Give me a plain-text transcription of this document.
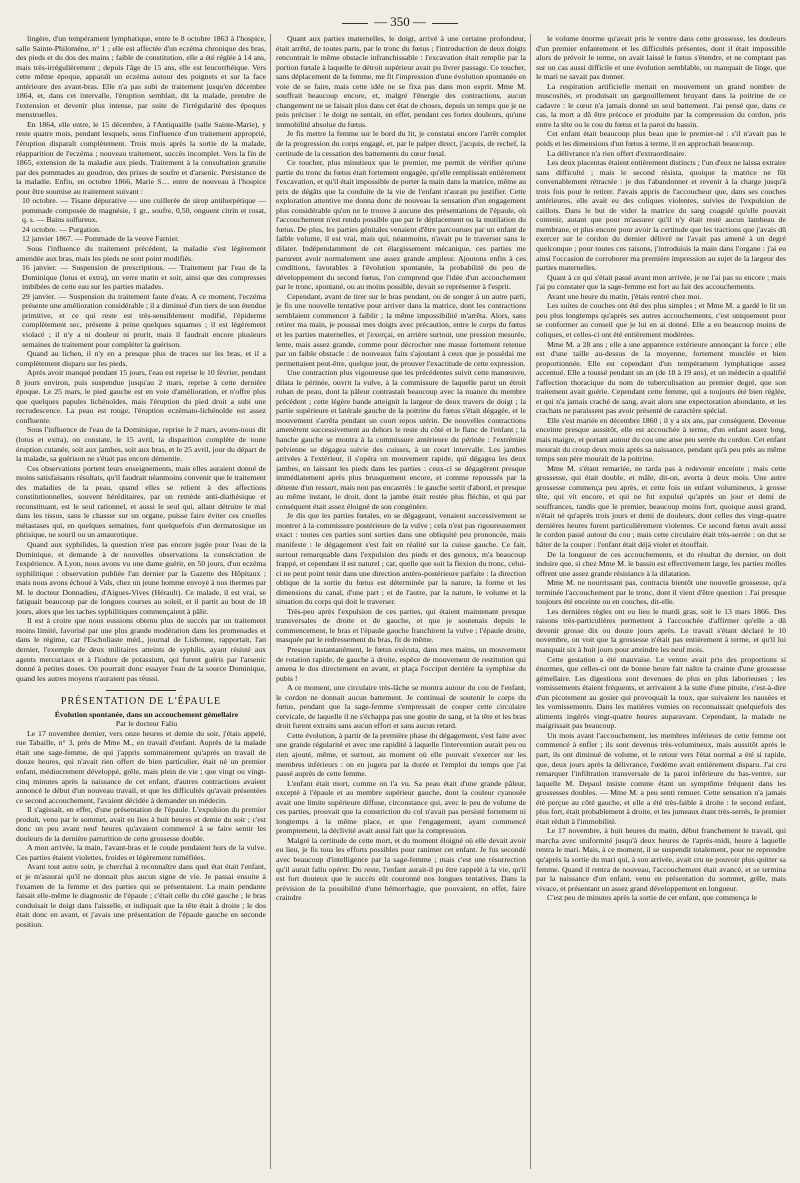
— 350 —

lingère, d'un tempérament lymphatique, entre le 8 octobre 1863 à l'hospice, salle Sainte-Philomène, n° 1 ; elle est affectée d'un eczéma chronique des bras, des pieds et du dos des mains ; faible de constitution, elle a été réglée à 14 ans, mais très-irrégulièrement ; depuis l'âge de 15 ans, elle est leucorrhéique. Vers cette même époque, apparaît un eczéma autour des poignets et sur la face antérieure des avant-bras. Elle n'a pas subi de traitement jusqu'en décembre 1864, et, dans cet intervalle, l'éruption semblait, dit la malade, prendre de l'extension et devenir plus intense, par suite de l'irrégularité des époques menstruelles.

En 1864, elle entre, le 15 décembre, à l'Antiquaille (salle Sainte-Marie), y reste quatre mois, pendant lesquels, sous l'influence d'un traitement approprié, l'éruption disparaît complètement. Trois mois après la sortie de la malade, réapparition de l'eczéma ; nouveau traitement, succès incomplet. Vers la fin de 1865, extension de la maladie aux pieds. Traitement à la consultation gratuite par des pommades au goudron, des prises de soufre et d'arsenic. Persistance de la maladie. Enfin, en octobre 1866, Marie S… entre de nouveau à l'hospice pour être soumise au traitement suivant :

10 octobre. — Tisane dépurative — une cuillerée de sirop antiherpétique — pommade composée de magnésie, 1 gr., soufre, 0,50, onguent citrin et rosat, q. s. — Bains sulfureux.

24 octobre. — Purgation.

12 janvier 1867. — Pommade de la veuve Farnier.

Sous l'influence du traitement précédent, la maladie s'est légèrement amendée aux bras, mais les pieds ne sont point modifiés.

16 janvier. — Suspension de prescriptions. — Traitement par l'eau de la Dominique (lotus et extra), un verre matin et soir, ainsi que des compresses imbibées de cette eau sur les parties malades.

29 janvier. — Suspension du traitement faute d'eau. A ce moment, l'eczéma présente une amélioration considérable ; il a diminué d'un tiers de son étendue primitive, et ce qui reste est très-sensiblement modifié, l'épiderme complètement sec, présente à peine quelques squames ; il est légèrement violacé ; il n'y a ni douleur ni prurit, mais il faudrait encore plusieurs semaines de traitement pour compléter la guérison.

Quand au lichen, il n'y en a presque plus de traces sur les bras, et il a complètement disparu sur les pieds.

Après avoir manqué pendant 15 jours, l'eau est reprise le 10 février, pendant 8 jours environ, puis suspendue jusqu'au 2 mars, reprise à cette dernière époque. Le 25 mars, le pied gauche est en voie d'amélioration, et n'offre plus que quelques papules lichénoïdes, mais l'éruption du pied droit a subi une recrudescence. La peau est rouge, l'éruption eczémato-lichénoïde est assez confluente.

Sous l'influence de l'eau de la Dominique, reprise le 2 mars, avons-nous dit (lotus et extra), on constate, le 15 avril, la disparition complète de toute éruption cutanée, soit aux jambes, soit aux bras, et le 25 avril, jour du départ de la malade, sa guérison ne s'était pas encore démentie.

Ces observations portent leurs enseignements, mais elles auraient donné de moins satisfaisants résultats, qu'il faudrait néanmoins convenir que le traitement des maladies de la peau, quand elles se relient à des affections constitutionnelles, souvent héréditaires, par un remède anti-diathésique et reconstituant, est le seul rationnel, et aussi le seul qui, allant détruire le mal dans les tissus, sans le chasser sur un organe, puisse faire éviter ces cruelles métastases qui, en quelques semaines, font quelquefois d'un dermatosique un phtisique, ne souril ou un amaurotique.

Quand aux syphilides, la question n'est pas encore jugée pour l'eau de la Dominique, et demande à de nouvelles observations la consécration de l'expérience. A Lyon, nous avons vu une dame guérir, en 50 jours, d'un eczéma syphilitique : observation publiée l'an dernier par la Gazette des Hôpitaux ; mais nous avons échoué à Vals, chez un jeune homme envoyé à nos thermes par M. le docteur Donnadieu, d'Aigues-Vives (Hérault). Ce malade, il est vrai, se fatiguait beaucoup par de longues courses au soleil, et il partit au bout de 18 jours, alors que les taches syphilitiques commençaient à pâlir.

Il est à croire que nous eussions obtenu plus de succès par un traitement moins limité, favorisé par une plus grande modération dans les promenades et dans le régime, car l'Escholiaste méd., journal de Lisbonne, rapportait, l'an dernier, l'exemple de deux militaires atteints de syphilis, ayant résisté aux agents mercuriaux et à l'iodure de potassium, qui furent guéris par l'arsenic donné à petites doses. On pourrait donc essayer l'eau de la source Dominique, quand les autres moyens n'auraient pas réussi.

PRÉSENTATION DE L'ÉPAULE

Évolution spontanée, dans un accouchement gémellaire

Par le docteur Faliu

Le 17 novembre dernier, vers onze heures et demie du soir, j'étais appelé, rue Tabaille, n° 3, près de Mme M., en travail d'enfant. Auprès de la malade était une sage-femme, de qui j'appris sommairement qu'après un travail de douze heures, qui n'avait rien offert de bien particulier, était né un premier enfant, médiocrement développé, grêle, mais plein de vie ; que vingt ou vingt-cinq minutes après la naissance de cet enfant, d'autres contractions avaient annoncé le début d'un nouveau travail, et que les difficultés qu'avait présentées ce second accouchement, l'avaient décidée à demander un médecin.

Il s'agissait, en effet, d'une présentation de l'épaule. L'expulsion du premier produit, venu par le sommet, avait eu lieu à huit heures et demie du soir ; c'est donc un peu avant neuf heures qu'avaient commencé à se faire sentir les douleurs de la dernière parturition de cette grossesse double.

A mon arrivée, la main, l'avant-bras et le coude pendaient hors de la vulve. Ces parties étaient violettes, froides et légèrement tuméfiées.

Avant tout autre soin, je cherchai à reconnaître dans quel état était l'enfant, et je m'assurai qu'il ne donnait plus aucun signe de vie. Je passai ensuite à l'examen de la femme et des parties qui se présentaient. La main pendante faisait elle-même le diagnostic de l'épaule ; c'était celle du côté gauche ; le bras conduisait le doigt dans l'aisselle, et indiquait que la tête était à droite ; le dos était donc en avant, et j'avais une présentation de l'épaule gauche en seconde position.

Quant aux parties maternelles, le doigt, arrivé à une certaine profondeur, était arrêté, de toutes parts, par le tronc du fœtus ; l'introduction de deux doigts rencontrait le même obstacle infranchissable : l'excavation était remplie par la portion fœtale à laquelle le détroit supérieur avait pu livrer passage. Ce toucher, sans déplacement de la femme, me fit l'impression d'une évolution spontanée en voie de se faire, mais cette idée ne se fixa pas dans mon esprit. Mme M. souffrait beaucoup encore, et, malgré l'énergie des contractions, aucun changement ne se faisait plus dans cet état de choses, depuis un temps que je ne puis préciser : le doigt ne sentait, en effet, pendant ces fortes douleurs, qu'une immobilité absolue du fœtus.

Je fis mettre la femme sur le bord du lit, je constatai encore l'arrêt complet de la progression du corps engagé, et, par le palper direct, j'acquis, de rechef, la certitude de la cessation des battements du cœur fœtal.

Ce toucher, plus minutieux que le premier, me permit de vérifier qu'une partie du tronc du fœtus était fortement engagée, qu'elle remplissait entièrement l'excavation, et qu'il était impossible de porter la main dans la matrice, même au prix de dégâts que la conduite de la vie de l'enfant n'aurait pu justifier. Cette exploration attentive me donna donc de nouveau la sensation d'un engagement plus considérable qu'on ne le trouve à aucune des présentations de l'épaule, où l'accouchement n'est rendu possible que par le déplacement ou la mutilation du fœtus. De plus, les parties génitales venaient d'être parcourues par un enfant de faible volume, il est vrai, mais qui, néanmoins, n'avait pu le traverser sans le dilater. Indépendamment de cet élargissement mécanique, ces parties me parurent avoir normalement une assez grande ampleur. Ajoutons enfin à ces conditions, favorables à l'évolution spontanée, la probabilité du peu de développement du second fœtus, l'on comprend que l'idée d'un accouchement par le tronc, spontané, ou au moins possible, devait se représenter à l'esprit.

Cependant, avant de tirer sur le bras pendant, ou de songer à un autre parti, je fis une nouvelle tentative pour arriver dans la matrice, dont les contractions semblaient commencer à faiblir ; la même impossibilité m'arrêta. Alors, sans retirer ma main, je poussai mes doigts avec précaution, entre le corps du fœtus et les parties maternelles, et j'exerçai, en arrière surtout, une pression mesurée, lente, mais assez grande, comme pour décrocher une masse fortement retenue par un faible obstacle : de nouveaux faits s'ajoutant à ceux que je possédai me permettaient peut-être, quelque jour, de prouver l'exactitude de cette expression.

Une contraction plus vigoureuse que les précédentes suivit cette manœuvre, dilata le périnée, ouvrit la vulve, à la commissure de laquelle parut un étroit ruban de peau, dont la pâleur contrastait beaucoup avec la nuance du membre précédent ; cette légère bande atteignit la largeur de deux travers de doigt ; la partie supérieure et latérale gauche de la poitrine du fœtus s'était dégagée, et le mouvement s'arrêta pendant un court repos utérin. De nouvelles contractions amenèrent successivement au dehors le reste du côté et le flanc de l'enfant ; la hanche gauche se montra à la commissure antérieure du périnée : l'extrémité pelvienne se dégagea suivie des cuisses, à un court intervalle. Les jambes arrivées à l'extérieur, il s'opéra un mouvement rapide, qui dégagea les deux jambes, en laissant les pieds dans les parties : ceux-ci se dégagèrent presque immédiatement après plus brusquement encore, et comme repoussés par la détente d'un ressort, mais non pas encastrés : le gauche sortit d'abord, et presque au même instant, le droit, dont la jambe était restée plus fléchie, et qui par conséquent était assez éloigné de son congénère.

Je dis que les parties fœtales, en se dégageant, venaient successivement se montrer à la commissure postérieure de la vulve ; cela n'est pas rigoureusement exact : toutes ces parties sont sorties dans une obliquité peu prononcée, mais manifeste : le dégagement s'est fait en réalité sur la cuisse gauche. Ce fait, surtout remarquable dans l'expulsion des pieds et des genoux, m'a beaucoup frappé, et cependant il est naturel ; car, quelle que soit la flexion du tronc, celui-ci ne peut point tenir dans une direction antéro-postérieure parfaite : la direction oblique de la sortie du fœtus est déterminée par la nature, la forme et les dimensions du canal, d'une part ; et de l'autre, par la nature, le volume et la situation du corps qui doit le traverser.

Très-peu après l'expulsion de ces parties, qui étaient maintenant presque transversales de droite et de gauche, et que je soutenais depuis le commencement, le bras et l'épaule gauche franchirent la vulve ; l'épaule droite, masquée par le redressement du bras, fit de même.

Presque instantanément, le fœtus exécuta, dans mes mains, un mouvement de rotation rapide, de gauche à droite, espèce de mouvement de restitution qui amena le dos directement en avant, et plaça l'occiput derrière la symphise du pubis !

A ce moment, une circulaire très-lâche se montra autour du cou de l'enfant, le cordon ne donnait aucun battement. Je continuai de soutenir le corps du fœtus, pendant que la sage-femme s'empressait de couper cette circulaire cervicale, de laquelle il ne s'échappa pas une goutte de sang, et la tête et les bras droit furent extraits sans aucun effort et sans aucun retard.

Cette évolution, à partir de la première phase du dégagement, s'est faite avec une grande régularité et avec une rapidité à laquelle l'intervention aurait peu ou rien ajouté, même, et surtout, au moment où elle pouvait s'exercer sur les membres inférieurs : on en jugera par la durée et l'emploi du temps que j'ai passé auprès de cette femme.

L'enfant était mort, comme on l'a vu. Sa peau était d'une grande pâleur, excepté à l'épaule et au membre supérieur gauche, dont la couleur cyanosée avait une limite supérieure diffuse, circonstance qui, avec le peu de volume de ces parties, prouvait que la constriction du col n'avait pas persisté fortement ni longtemps à la même place, et que l'engagement, ayant commencé promptement, la déclivité avait aussi fait que la compression.

Malgré la certitude de cette mort, et du moment éloigné où elle devait avoir eu lieu, je fis tous les efforts possibles pour ranimer cet enfant. Je fus secondé avec beaucoup d'intelligence par la sage-femme ; mais c'est une résurrection qu'il aurait fallu opérer. Du reste, l'enfant aurait-il pu être rappelé à la vie, qu'il est fort douteux que le succès eût couronné nos longues tentatives. Dans la prévision de la possibilité d'une hémorrhagie, que pouvaient, en effet, faire craindre

le volume énorme qu'avait pris le ventre dans cette grossesse, les douleurs d'un premier enfantement et les difficultés présentes, dont il était impossible alors de prévoir le terme, on avait laissé le fœtus s'étendre, et ne comptant pas sur un cas aussi difficile et une évolution semblable, on manquait de linge, que le mari ne savait pas donner.

La respiration artificielle mettait en mouvement un grand nombre de muscosités, et produisait un gargouillement bruyant dans la poitrine de ce cadavre : le cœur n'a jamais donné un seul battement. J'ai pensé que, dans ce cas, la mort a dû être précoce et produite par la compression du cordon, pris entre la tête ou le cou du fœtus et la paroi du bassin.

Cet enfant était beaucoup plus beau que le premier-né : s'il n'avait pas le poids et les dimensions d'un fœtus à terme, il en approchait beaucoup.

La délivrance n'a rien offert d'extraordinaire.

Les deux placentas étaient entièrement distincts ; l'un d'eux ne laissa extraire sans difficulté ; mais le second résista, quoique la matrice ne fût convenablement rétractée : je dus l'abandonner et revenir à la charge jusqu'à trois fois pour le retirer. J'avais appris de l'accoucheur que, dans ses couches antérieures, elle avait eu des coliques violentes, suivies de l'expulsion de caillots. Dans le but de vider la matrice du sang coagulé qu'elle pouvait contenir, autant que pour m'assurer qu'il n'y était resté aucun lambeau de membrane, et plus encore pour avoir la certitude que les tractions que j'avais dû exercer sur le cordon du dernier délivré ne l'avait pas amené à un degré quelconque ; pour toutes ces raisons, j'introduisis la main dans l'organe : j'ai eu ainsi l'occasion de corroborer ma première impression au sujet de la largeur des parties maternelles.

Quant à ce qui s'était passé avant mon arrivée, je ne l'ai pas su encore ; mais j'ai pu constater que la sage-femme est fort au fait des accouchements.

Avant une heure du matin, j'étais rentré chez moi.

Les suites de couches ont été des plus simples ; et Mme M. a gardé le lit un peu plus longtemps qu'après ses autres accouchements, c'est uniquement pour se conformer au conseil que je lui en ai donné. Elle a eu beaucoup moins de coliques, et celles-ci ont été entièrement modérées.

Mme M. a 28 ans ; elle a une apparence extérieure annonçant la force ; elle est d'une taille au-dessus de la moyenne, fortement musclée et bien proportionnée. Elle est cependant d'un tempérament lymphatique assez accentué. Elle a toussé pendant un an (de 18 à 19 ans), et un médecin a qualifié l'affection thoracique du nom de tuberculisation au premier degré, que son traitement avait guérie. Cependant cette femme, qui a toujours été bien réglée, et qui n'a jamais craché de sang, avait alors une expectoration abondante, et les crachats ne paraissent pas avoir présenté de caractère spécial.

Elle s'est mariée en décembre 1860 ; il y a six ans, par conséquent. Devenue enceinte presque aussitôt, elle est accouchée à terme, d'un enfant assez long, mais maigre, et portant autour du cou une anse peu serrée du cordon. Cet enfant mourait du croup deux mois après sa naissance, pendant qu'à peu près au même temps son père mourait de la poitrine.

Mme M. s'étant remariée, ne tarda pas à redevenir enceinte ; mais cette grossesse, qui était double, et mâle, dit-on, avorta à deux mois. Une autre grossesse commença peu après, et cette fois un enfant volumineux, à grosse tête, qui vit encore, et qui ne fut expulsé qu'après un jour et demi de souffrances, tandis que le premier, beaucoup moins fort, quoique aussi grand, n'était né qu'après trois jours et demi de douleurs, dont celles des vingt-quatre dernières heures furent particulièrement violentes. Ce second fœtus avait aussi le cordon passé autour du cou ; mais cette circulaire était très-serrée : on dut se hâter de la couper : l'enfant était déjà violet et étouffait.

De la longueur de ces accouchements, et du résultat du dernier, on doit induire que, si chez Mme M. le bassin est effectivement large, les parties molles offrent une assez grande résistance à la dilatation.

Mme M. ne nourrissant pas, contracta bientôt une nouvelle grossesse, qu'a terminée l'accouchement par le tronc, dont il vient d'être question : J'ai presque toujours été enceinte ou en couches, dit-elle.

Les dernières règles ont eu lieu le mardi gras, soit le 13 mars 1866. Des raisons très-particulières permettent à l'accouchée d'affirmer qu'elle a dû devenir grosse dix ou douze jours après. Le travail s'étant déclaré le 10 novembre, on voit que la grossesse n'était pas entièrement à terme, et qu'il lui manquait six à huit jours pour atteindre les neuf mois.

Cette gestation a été mauvaise. Le ventre avait pris des proportions si énormes, que celles-ci ont de bonne heure fait naître la crainte d'une grossesse gémellaire. Les digestions sont devenues de plus en plus laborieuses ; les vomissements étaient fréquents, et arrivaient à la suite d'une pituite, c'est-à-dire d'un picotement au gosier qui provoquait la toux, que suivaient les nausées et les vomissements. Dans les matières vomies on reconnaissait quelquefois des aliments ingérés vingt-quatre heures auparavant. Cependant, la malade ne maigrissait pas beaucoup.

Un mois avant l'accouchement, les membres inférieurs de cette femme ont commencé à enfler ; ils sont devenus très-volumineux, mais aussitôt après le part, ils ont diminué de volume, et le retour vers l'état normal a été si rapide, que, deux jours après la délivrance, l'œdème avait entièrement disparu. J'ai cru remarquer l'infiltration transversale de la paroi inférieure du bas-ventre, sur laquelle M. Depaul insiste comme étant un symptôme fréquent dans les grossesses doubles. — Mme M. a peu senti remuer. Cette sensation n'a jamais été perçue au côté gauche, et elle a été très-faible à droite : le second enfant, plus fort, était probablement à droite, et les jumeaux étant très-serrés, le premier était réduit à l'immobilité.

Le 17 novembre, à huit heures du matin, début franchement le travail, qui marcha avec uniformité jusqu'à deux heures de l'après-midi, heure à laquelle rentra le mari. Mais, à ce moment, il se suspendit totalement, pour ne reprendre qu'après la sortie du mari qui, à son arrivée, avait cru ne pouvoir plus quitter sa femme. Quand il rentra de nouveau, l'accouchement était avancé, et se termina par la naissance d'un enfant, venu en présentation du sommet, grêle, mais vivace, et présentant un assez grand développement en longueur.

C'est peu de minutes après la sortie de cet enfant, que commença le
